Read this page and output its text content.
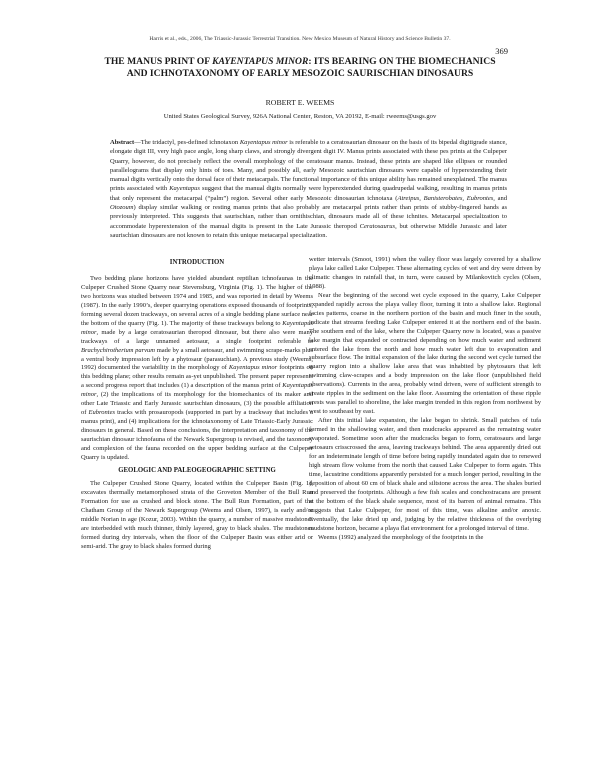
Harris et al., eds., 2006, The Triassic-Jurassic Terrestrial Transition. New Mexico Museum of Natural History and Science Bulletin 37.
369
THE MANUS PRINT OF KAYENTAPUS MINOR: ITS BEARING ON THE BIOMECHANICS
AND ICHNOTAXONOMY OF EARLY MESOZOIC SAURISCHIAN DINOSAURS
ROBERT E. WEEMS
United States Geological Survey, 926A National Center, Reston, VA 20192, E-mail: rweems@usgs.gov
Abstract—The tridactyl, pes-defined ichnotaxon Kayentapus minor is referable to a ceratosaurian dinosaur on the basis of its bipedal digitigrade stance, elongate digit III, very high pace angle, long sharp claws, and strongly divergent digit IV. Manus prints associated with these pes prints at the Culpeper Quarry, however, do not precisely reflect the overall morphology of the ceratosaur manus. Instead, these prints are shaped like ellipses or rounded parallelograms that display only hints of toes. Many, and possibly all, early Mesozoic saurischian dinosaurs were capable of hyperextending their manual digits vertically onto the dorsal face of their metacarpals. The functional importance of this unique ability has remained unexplained. The manus prints associated with Kayentapus suggest that the manual digits normally were hyperextended during quadrupedal walking, resulting in manus prints that only represent the metacarpal (“palm”) region. Several other early Mesozoic dinosaurian ichnotaxa (Atreipus, Banisterobates, Eubrontes, and Otozoum) display similar walking or resting manus prints that also probably are metacarpal prints rather than prints of stubby-fingered hands as previously interpreted. This suggests that saurischian, rather than ornithischian, dinosaurs made all of these ichnites. Metacarpal specialization to accommodate hyperextension of the manual digits is present in the Late Jurassic theropod Ceratosaurus, but otherwise Middle Jurassic and later saurischian dinosaurs are not known to retain this unique metacarpal specialization.
INTRODUCTION

Two bedding plane horizons have yielded abundant reptilian ichnofaunas in the Culpeper Crushed Stone Quarry near Stevensburg, Virginia (Fig. 1). The higher of the two horizons was studied between 1974 and 1985, and was reported in detail by Weems (1987). In the early 1990’s, deeper quarrying operations exposed thousands of footprints, forming several dozen trackways, on several acres of a single bedding plane surface near the bottom of the quarry (Fig. 1). The majority of these trackways belong to Kayentapus minor, made by a large ceratosaurian theropod dinosaur, but there also were many trackways of a large unnamed aetosaur, a single footprint referable to Brachychirotherium parvum made by a small aetosaur, and swimming scrape-marks plus a ventral body impression left by a phytosaur (parasuchian). A previous study (Weems, 1992) documented the variability in the morphology of Kayentapus minor footprints on this bedding plane; other results remain as-yet unpublished. The present paper represents a second progress report that includes (1) a description of the manus print of Kayentapus minor, (2) the implications of its morphology for the biomechanics of its maker and other Late Triassic and Early Jurassic saurischian dinosaurs, (3) the possible affiliation of Eubrontes tracks with prosauropods (supported in part by a trackway that includes a manus print), and (4) implications for the ichnotaxonomy of Late Triassic-Early Jurassic dinosaurs in general. Based on these conclusions, the interpretation and taxonomy of the saurischian dinosaur ichnofauna of the Newark Supergroup is revised, and the taxonomy and complexion of the fauna recorded on the upper bedding surface at the Culpeper Quarry is updated.

GEOLOGIC AND PALEOGEOGRAPHIC SETTING

The Culpeper Crushed Stone Quarry, located within the Culpeper Basin (Fig. 1), excavates thermally metamorphosed strata of the Groveton Member of the Bull Run Formation for use as crushed and block stone. The Bull Run Formation, part of the Chatham Group of the Newark Supergroup (Weems and Olsen, 1997), is early and/or middle Norian in age (Kozur, 2003). Within the quarry, a number of massive mudstones are interbedded with much thinner, thinly layered, gray to black shales. The mudstones formed during dry intervals, when the floor of the Culpeper Basin was either arid or semi-arid. The gray to black shales formed during

wetter intervals (Smoot, 1991) when the valley floor was largely covered by a shallow playa lake called Lake Culpeper. These alternating cycles of wet and dry were driven by climatic changes in rainfall that, in turn, were caused by Milankovitch cycles (Olsen, 1988).

Near the beginning of the second wet cycle exposed in the quarry, Lake Culpeper expanded rapidly across the playa valley floor, turning it into a shallow lake. Regional facies patterns, coarse in the northern portion of the basin and much finer in the south, indicate that streams feeding Lake Culpeper entered it at the northern end of the basin. The southern end of the lake, where the Culpeper Quarry now is located, was a passive lake margin that expanded or contracted depending on how much water and sediment entered the lake from the north and how much water left due to evaporation and subsurface flow. The initial expansion of the lake during the second wet cycle turned the quarry region into a shallow lake area that was inhabited by phytosaurs that left swimming claw-scrapes and a body impression on the lake floor (unpublished field observations). Currents in the area, probably wind driven, were of sufficient strength to create ripples in the sediment on the lake floor. Assuming the orientation of these ripple crests was parallel to shoreline, the lake margin trended in this region from northwest by west to southeast by east.

After this initial lake expansion, the lake began to shrink. Small patches of tufa formed in the shallowing water, and then mudcracks appeared as the remaining water evaporated. Sometime soon after the mudcracks began to form, ceratosaurs and large aetosaurs crisscrossed the area, leaving trackways behind. The area apparently dried out for an indeterminate length of time before being rapidly inundated again due to renewed high stream flow volume from the north that caused Lake Culpeper to form again. This time, lacustrine conditions apparently persisted for a much longer period, resulting in the deposition of about 60 cm of black shale and siltstone across the area. The shales buried and preserved the footprints. Although a few fish scales and conchostracans are present at the bottom of the black shale sequence, most of its barren of animal remains. This suggests that Lake Culpeper, for most of this time, was alkaline and/or anoxic. Eventually, the lake dried up and, judging by the relative thickness of the overlying mudstone horizon, became a playa flat environment for a prolonged interval of time.

Weems (1992) analyzed the morphology of the footprints in the
